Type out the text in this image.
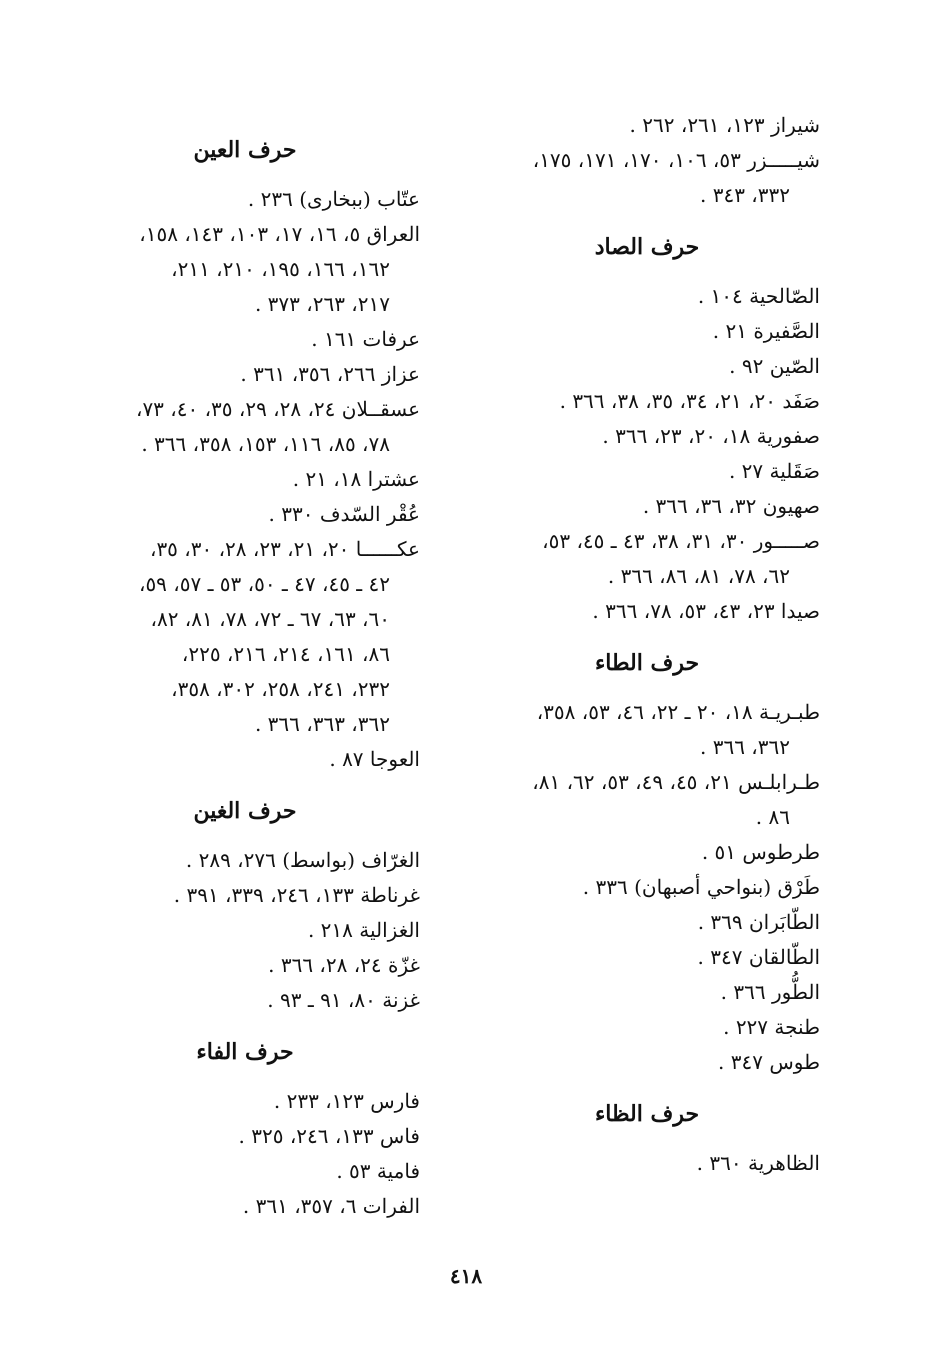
شيراز ١٢٣، ٢٦١، ٢٦٢ .
شيـــــزر ٥٣، ١٠٦، ١٧٠، ١٧١، ١٧٥،
٣٣٢، ٣٤٣ .
حرف الصاد
الصّالحية ١٠٤ .
الصَّفيرة ٢١ .
الصّين ٩٢ .
صَفَد ٢٠، ٢١، ٣٤، ٣٥، ٣٨، ٣٦٦ .
صفورية ١٨، ٢٠، ٢٣، ٣٦٦ .
صَقَلية ٢٧ .
صهيون ٣٢، ٣٦، ٣٦٦ .
صـــــور ٣٠، ٣١، ٣٨، ٤٣ ـ ٤٥، ٥٣،
٦٢، ٧٨، ٨١، ٨٦، ٣٦٦ .
صيدا ٢٣، ٤٣، ٥٣، ٧٨، ٣٦٦ .
حرف الطاء
طبـريـة ١٨، ٢٠ ـ ٢٢، ٤٦، ٥٣، ٣٥٨،
٣٦٢، ٣٦٦ .
طـرابلـس ٢١، ٤٥، ٤٩، ٥٣، ٦٢، ٨١،
٨٦ .
طرطوس ٥١ .
طَرْق (بنواحي أصبهان) ٣٣٦ .
الطّابَران ٣٦٩ .
الطّالقان ٣٤٧ .
الطُّور ٣٦٦ .
طنجة ٢٢٧ .
طوس ٣٤٧ .
حرف الظاء
الظاهرية ٣٦٠ .
حرف العين
عتّاب (ببخارى) ٢٣٦ .
العراق ٥، ١٦، ١٧، ١٠٣، ١٤٣، ١٥٨،
١٦٢، ١٦٦، ١٩٥، ٢١٠، ٢١١،
٢١٧، ٢٦٣، ٣٧٣ .
عرفات ١٦١ .
عزاز ٢٦٦، ٣٥٦، ٣٦١ .
عسقــلان ٢٤، ٢٨، ٢٩، ٣٥، ٤٠، ٧٣،
٧٨، ٨٥، ١١٦، ١٥٣، ٣٥٨، ٣٦٦ .
عشترا ١٨، ٢١ .
عُقْر السّدف ٣٣٠ .
عكــــــا ٢٠، ٢١، ٢٣، ٢٨، ٣٠، ٣٥،
٤٢ ـ ٤٥، ٤٧ ـ ٥٠، ٥٣ ـ ٥٧، ٥٩،
٦٠، ٦٣، ٦٧ ـ ٧٢، ٧٨، ٨١، ٨٢،
٨٦، ١٦١، ٢١٤، ٢١٦، ٢٢٥،
٢٣٢، ٢٤١، ٢٥٨، ٣٠٢، ٣٥٨،
٣٦٢، ٣٦٣، ٣٦٦ .
العوجا ٨٧ .
حرف الغين
الغرّاف (بواسط) ٢٧٦، ٢٨٩ .
غرناطة ١٣٣، ٢٤٦، ٣٣٩، ٣٩١ .
الغزالية ٢١٨ .
غزّة ٢٤، ٢٨، ٣٦٦ .
غزنة ٨٠، ٩١ ـ ٩٣ .
حرف الفاء
فارس ١٢٣، ٢٣٣ .
فاس ١٣٣، ٢٤٦، ٣٢٥ .
فامية ٥٣ .
الفرات ٦، ٣٥٧، ٣٦١ .
٤١٨
